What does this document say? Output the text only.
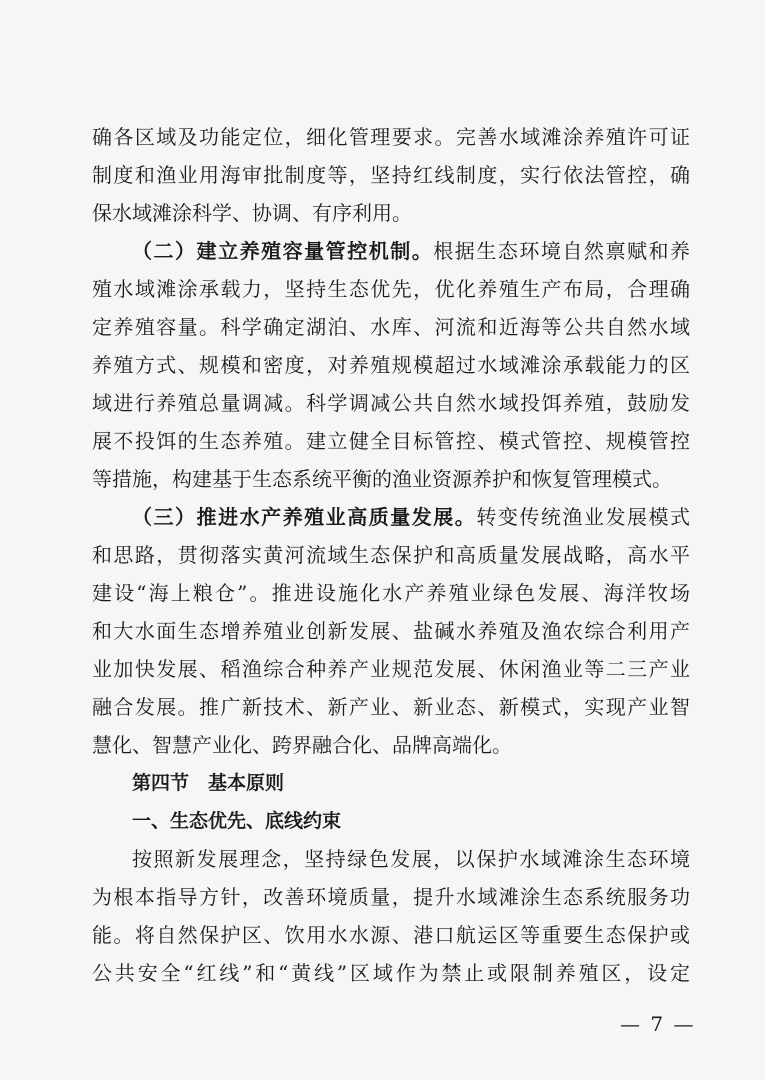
确各区域及功能定位，细化管理要求。完善水域滩涂养殖许可证
制度和渔业用海审批制度等，坚持红线制度，实行依法管控，确
保水域滩涂科学、协调、有序利用。
（二）建立养殖容量管控机制。根据生态环境自然禀赋和养
殖水域滩涂承载力，坚持生态优先，优化养殖生产布局，合理确
定养殖容量。科学确定湖泊、水库、河流和近海等公共自然水域
养殖方式、规模和密度，对养殖规模超过水域滩涂承载能力的区
域进行养殖总量调减。科学调减公共自然水域投饵养殖，鼓励发
展不投饵的生态养殖。建立健全目标管控、模式管控、规模管控
等措施，构建基于生态系统平衡的渔业资源养护和恢复管理模式。
（三）推进水产养殖业高质量发展。转变传统渔业发展模式
和思路，贯彻落实黄河流域生态保护和高质量发展战略，高水平
建设“海上粮仓”。推进设施化水产养殖业绿色发展、海洋牧场
和大水面生态增养殖业创新发展、盐碱水养殖及渔农综合利用产
业加快发展、稻渔综合种养产业规范发展、休闲渔业等二三产业
融合发展。推广新技术、新产业、新业态、新模式，实现产业智
慧化、智慧产业化、跨界融合化、品牌高端化。
第四节　基本原则
一、生态优先、底线约束
按照新发展理念，坚持绿色发展，以保护水域滩涂生态环境
为根本指导方针，改善环境质量，提升水域滩涂生态系统服务功
能。将自然保护区、饮用水水源、港口航运区等重要生态保护或
公共安全“红线”和“黄线”区域作为禁止或限制养殖区，设定
— 7 —
